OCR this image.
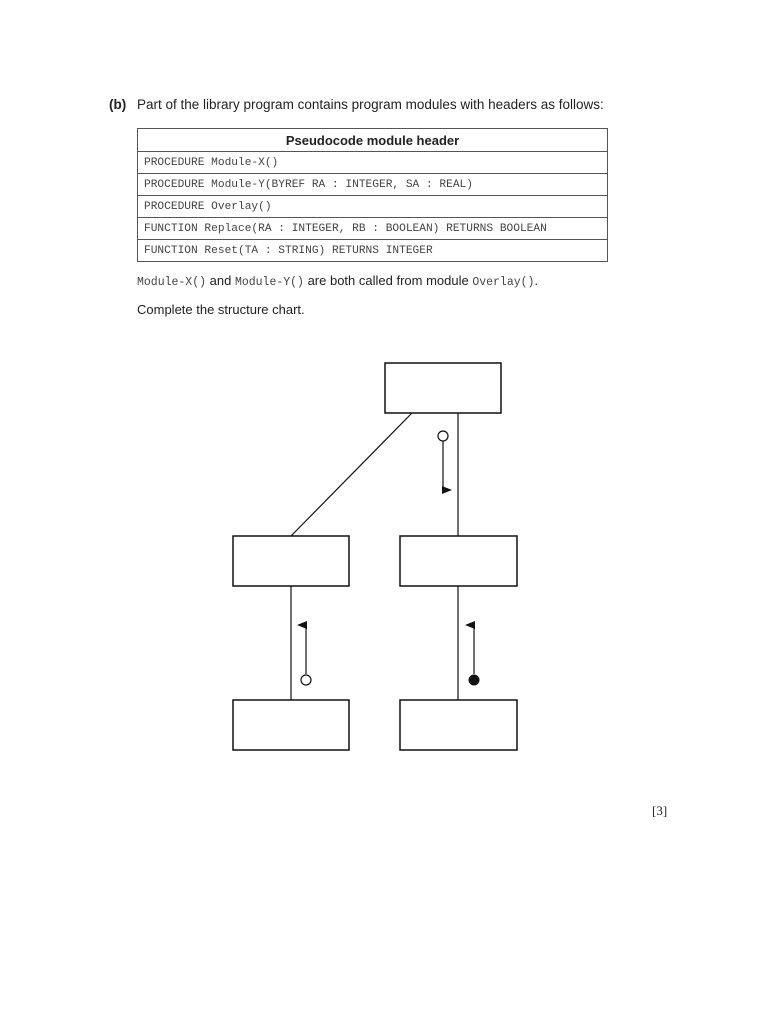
(b) Part of the library program contains program modules with headers as follows:
Pseudocode module header
PROCEDURE Module-X()
PROCEDURE Module-Y(BYREF RA : INTEGER, SA : REAL)
PROCEDURE Overlay()
FUNCTION Replace(RA : INTEGER, RB : BOOLEAN) RETURNS BOOLEAN
FUNCTION Reset(TA : STRING) RETURNS INTEGER
Module-X() and Module-Y() are both called from module Overlay().
Complete the structure chart.
[3]
